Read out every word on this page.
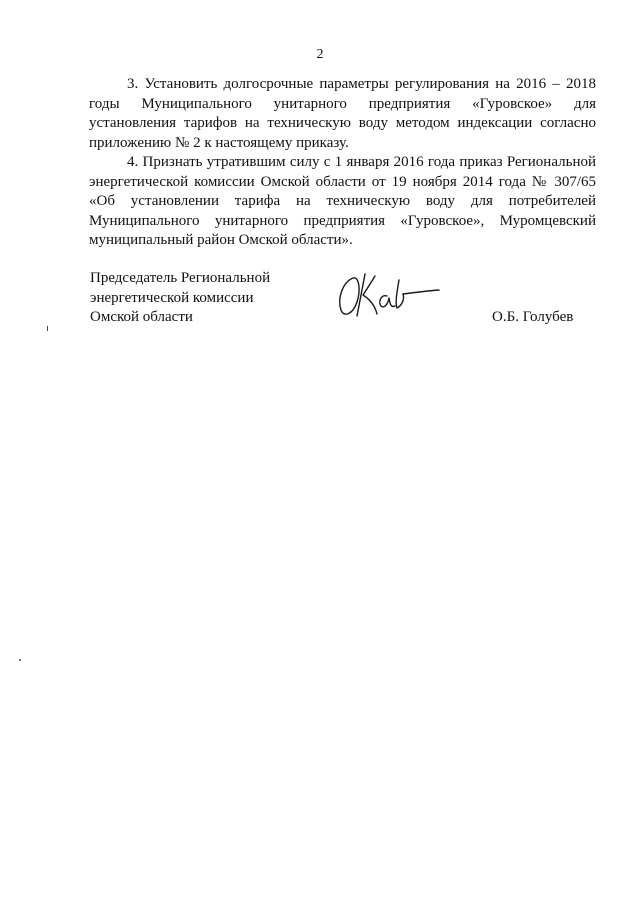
2

3. Установить долгосрочные параметры регулирования на 2016 – 2018 годы Муниципального унитарного предприятия «Гуровское» для установления тарифов на техническую воду методом индексации согласно приложению № 2 к настоящему приказу.

4. Признать утратившим силу с 1 января 2016 года приказ Региональной энергетической комиссии Омской области от 19 ноября 2014 года № 307/65 «Об установлении тарифа на техническую воду для потребителей Муниципального унитарного предприятия «Гуровское», Муромцевский муниципальный район Омской области».

Председатель Региональной
энергетической комиссии
Омской области	О.Б. Голубев
